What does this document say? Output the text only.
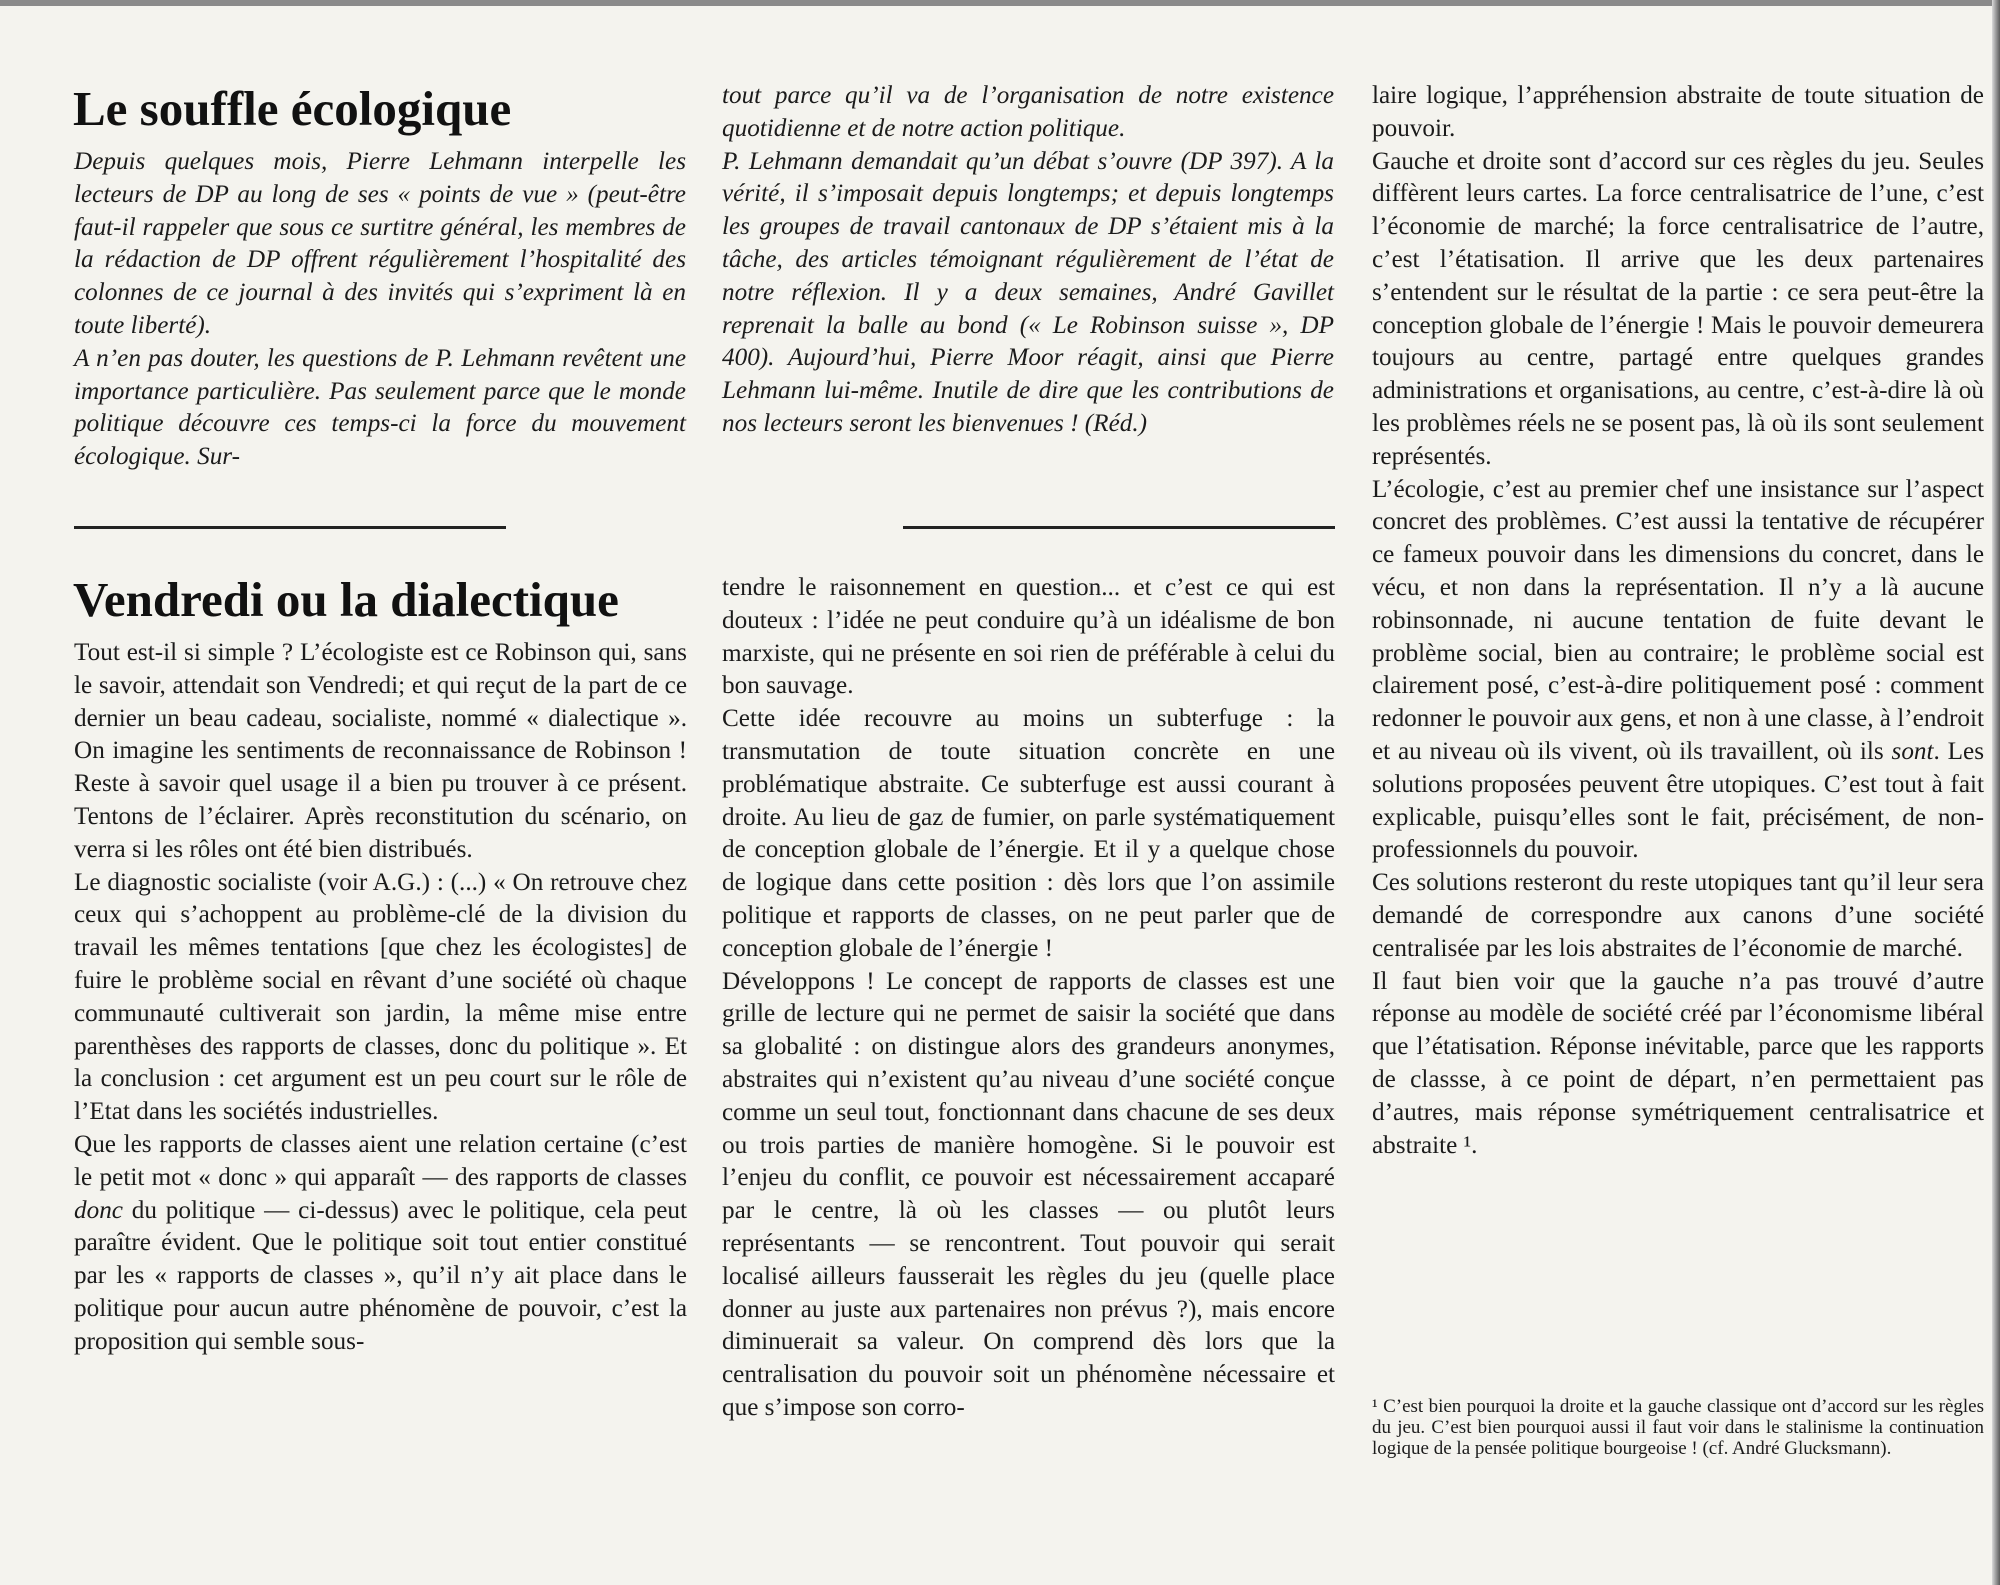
Le souffle écologique

Depuis quelques mois, Pierre Lehmann interpelle les lecteurs de DP au long de ses « points de vue » (peut-être faut-il rappeler que sous ce surtitre général, les membres de la rédaction de DP offrent régulièrement l’hospitalité des colonnes de ce journal à des invités qui s’expriment là en toute liberté).

A n’en pas douter, les questions de P. Lehmann revêtent une importance particulière. Pas seulement parce que le monde politique découvre ces temps-ci la force du mouvement écologique. Sur-

tout parce qu’il va de l’organisation de notre existence quotidienne et de notre action politique.

P. Lehmann demandait qu’un débat s’ouvre (DP 397). A la vérité, il s’imposait depuis longtemps; et depuis longtemps les groupes de travail cantonaux de DP s’étaient mis à la tâche, des articles témoignant régulièrement de l’état de notre réflexion. Il y a deux semaines, André Gavillet reprenait la balle au bond (« Le Robinson suisse », DP 400). Aujourd’hui, Pierre Moor réagit, ainsi que Pierre Lehmann lui-même. Inutile de dire que les contributions de nos lecteurs seront les bienvenues ! (Réd.)

Vendredi ou la dialectique

Tout est-il si simple ? L’écologiste est ce Robinson qui, sans le savoir, attendait son Vendredi; et qui reçut de la part de ce dernier un beau cadeau, socialiste, nommé « dialectique ». On imagine les sentiments de reconnaissance de Robinson ! Reste à savoir quel usage il a bien pu trouver à ce présent. Tentons de l’éclairer. Après reconstitution du scénario, on verra si les rôles ont été bien distribués.

Le diagnostic socialiste (voir A.G.) : (...) « On retrouve chez ceux qui s’achoppent au problème-clé de la division du travail les mêmes tentations [que chez les écologistes] de fuire le problème social en rêvant d’une société où chaque communauté cultiverait son jardin, la même mise entre parenthèses des rapports de classes, donc du politique ». Et la conclusion : cet argument est un peu court sur le rôle de l’Etat dans les sociétés industrielles.

Que les rapports de classes aient une relation certaine (c’est le petit mot « donc » qui apparaît — des rapports de classes donc du politique — ci-dessus) avec le politique, cela peut paraître évident. Que le politique soit tout entier constitué par les « rapports de classes », qu’il n’y ait place dans le politique pour aucun autre phénomène de pouvoir, c’est la proposition qui semble sous-

tendre le raisonnement en question... et c’est ce qui est douteux : l’idée ne peut conduire qu’à un idéalisme de bon marxiste, qui ne présente en soi rien de préférable à celui du bon sauvage.

Cette idée recouvre au moins un subterfuge : la transmutation de toute situation concrète en une problématique abstraite. Ce subterfuge est aussi courant à droite. Au lieu de gaz de fumier, on parle systématiquement de conception globale de l’énergie. Et il y a quelque chose de logique dans cette position : dès lors que l’on assimile politique et rapports de classes, on ne peut parler que de conception globale de l’énergie !

Développons ! Le concept de rapports de classes est une grille de lecture qui ne permet de saisir la société que dans sa globalité : on distingue alors des grandeurs anonymes, abstraites qui n’existent qu’au niveau d’une société conçue comme un seul tout, fonctionnant dans chacune de ses deux ou trois parties de manière homogène. Si le pouvoir est l’enjeu du conflit, ce pouvoir est nécessairement accaparé par le centre, là où les classes — ou plutôt leurs représentants — se rencontrent. Tout pouvoir qui serait localisé ailleurs fausserait les règles du jeu (quelle place donner au juste aux partenaires non prévus ?), mais encore diminuerait sa valeur. On comprend dès lors que la centralisation du pouvoir soit un phénomène nécessaire et que s’impose son corro-

laire logique, l’appréhension abstraite de toute situation de pouvoir.

Gauche et droite sont d’accord sur ces règles du jeu. Seules diffèrent leurs cartes. La force centralisatrice de l’une, c’est l’économie de marché; la force centralisatrice de l’autre, c’est l’étatisation. Il arrive que les deux partenaires s’entendent sur le résultat de la partie : ce sera peut-être la conception globale de l’énergie ! Mais le pouvoir demeurera toujours au centre, partagé entre quelques grandes administrations et organisations, au centre, c’est-à-dire là où les problèmes réels ne se posent pas, là où ils sont seulement représentés.

L’écologie, c’est au premier chef une insistance sur l’aspect concret des problèmes. C’est aussi la tentative de récupérer ce fameux pouvoir dans les dimensions du concret, dans le vécu, et non dans la représentation. Il n’y a là aucune robinsonnade, ni aucune tentation de fuite devant le problème social, bien au contraire; le problème social est clairement posé, c’est-à-dire politiquement posé : comment redonner le pouvoir aux gens, et non à une classe, à l’endroit et au niveau où ils vivent, où ils travaillent, où ils sont. Les solutions proposées peuvent être utopiques. C’est tout à fait explicable, puisqu’elles sont le fait, précisément, de non-professionnels du pouvoir.

Ces solutions resteront du reste utopiques tant qu’il leur sera demandé de correspondre aux canons d’une société centralisée par les lois abstraites de l’économie de marché.

Il faut bien voir que la gauche n’a pas trouvé d’autre réponse au modèle de société créé par l’économisme libéral que l’étatisation. Réponse inévitable, parce que les rapports de classse, à ce point de départ, n’en permettaient pas d’autres, mais réponse symétriquement centralisatrice et abstraite ¹.

¹ C’est bien pourquoi la droite et la gauche classique ont d’accord sur les règles du jeu. C’est bien pourquoi aussi il faut voir dans le stalinisme la continuation logique de la pensée politique bourgeoise ! (cf. André Glucksmann).
